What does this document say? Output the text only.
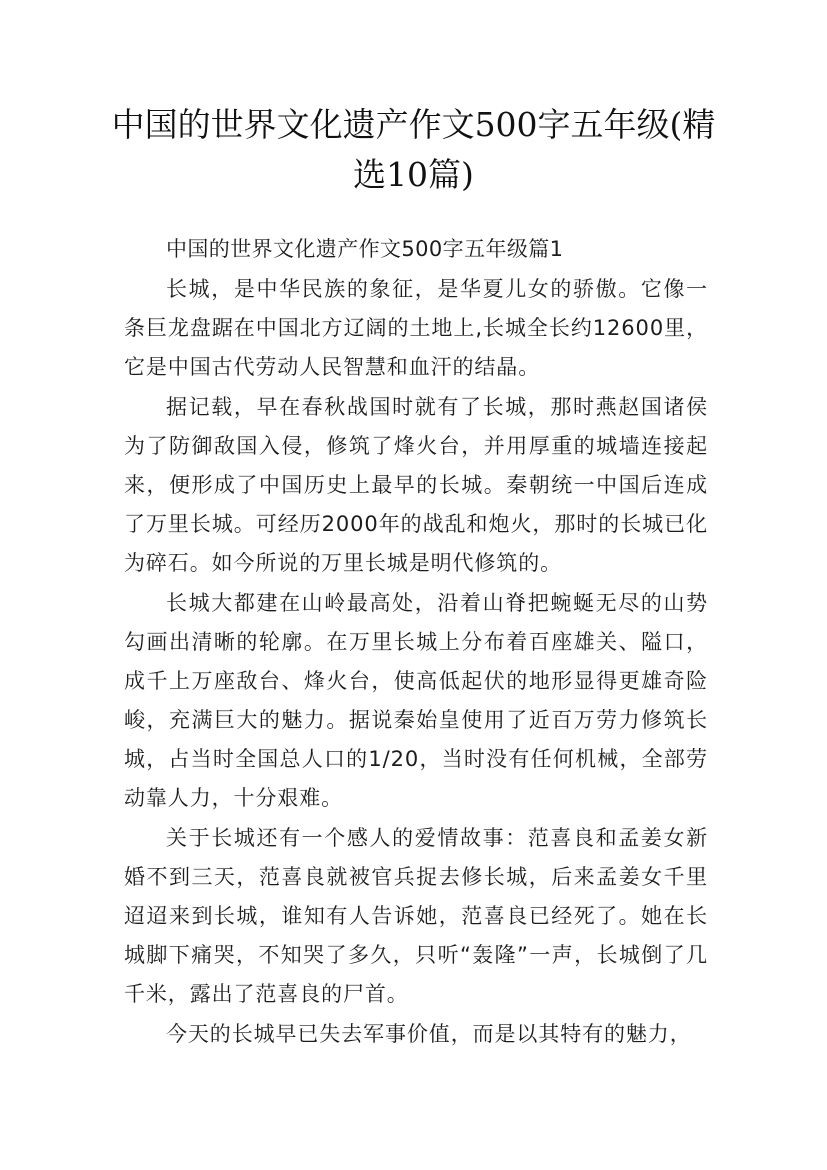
中国的世界文化遗产作文500字五年级(精选10篇)

中国的世界文化遗产作文500字五年级篇1

长城，是中华民族的象征，是华夏儿女的骄傲。它像一条巨龙盘踞在中国北方辽阔的土地上,长城全长约12600里，它是中国古代劳动人民智慧和血汗的结晶。

据记载，早在春秋战国时就有了长城，那时燕赵国诸侯为了防御敌国入侵，修筑了烽火台，并用厚重的城墙连接起来，便形成了中国历史上最早的长城。秦朝统一中国后连成了万里长城。可经历2000年的战乱和炮火，那时的长城已化为碎石。如今所说的万里长城是明代修筑的。

长城大都建在山岭最高处，沿着山脊把蜿蜒无尽的山势勾画出清晰的轮廓。在万里长城上分布着百座雄关、隘口，成千上万座敌台、烽火台，使高低起伏的地形显得更雄奇险峻，充满巨大的魅力。据说秦始皇使用了近百万劳力修筑长城，占当时全国总人口的1/20，当时没有任何机械，全部劳动靠人力，十分艰难。

关于长城还有一个感人的爱情故事：范喜良和孟姜女新婚不到三天，范喜良就被官兵捉去修长城，后来孟姜女千里迢迢来到长城，谁知有人告诉她，范喜良已经死了。她在长城脚下痛哭，不知哭了多久，只听“轰隆”一声，长城倒了几千米，露出了范喜良的尸首。

今天的长城早已失去军事价值，而是以其特有的魅力，
